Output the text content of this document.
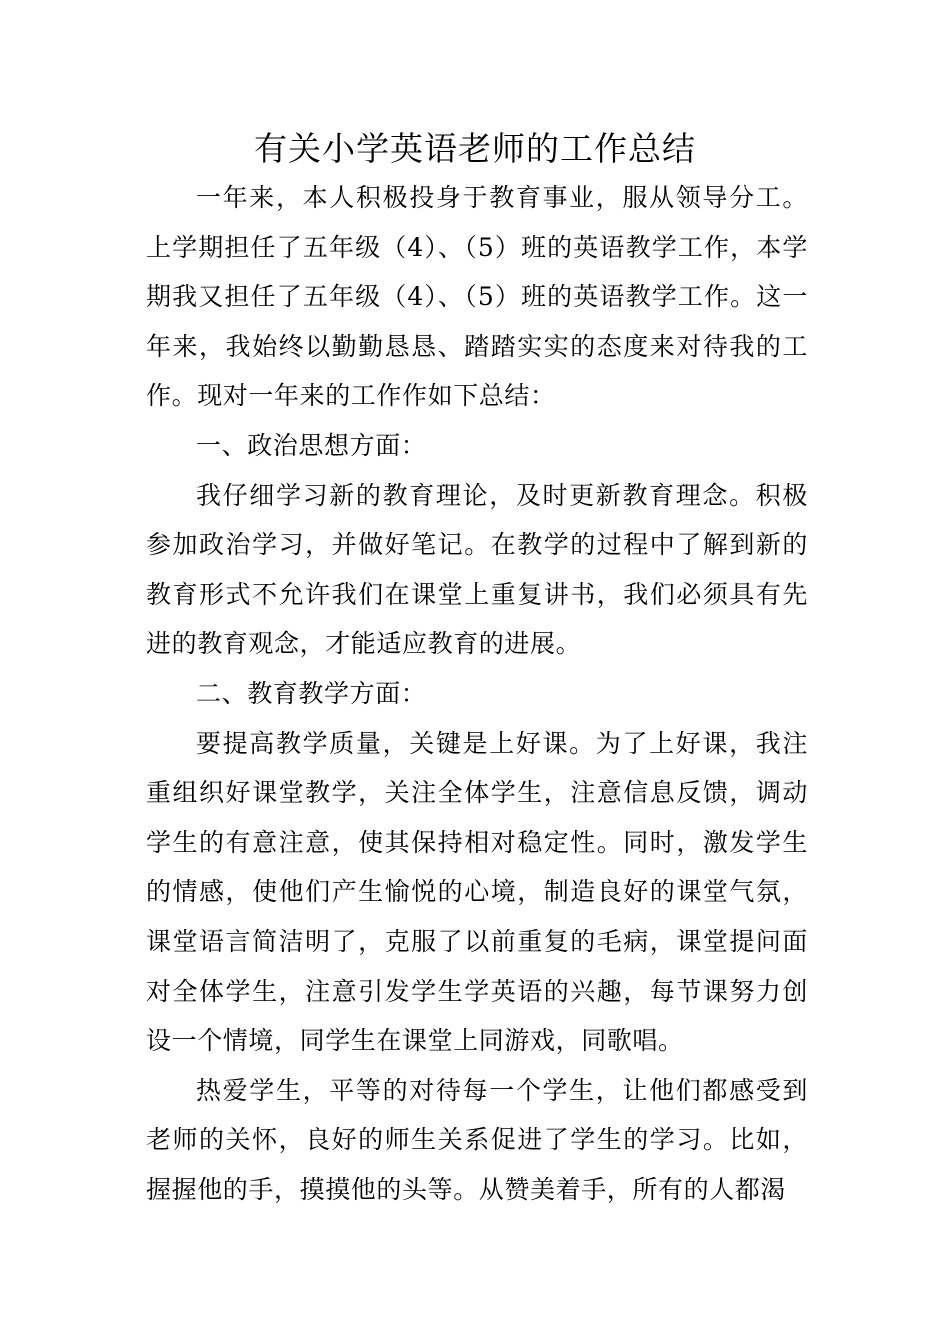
有关小学英语老师的工作总结

一年来，本人积极投身于教育事业，服从领导分工。上学期担任了五年级（4）、（5）班的英语教学工作，本学期我又担任了五年级（4）、（5）班的英语教学工作。这一年来，我始终以勤勤恳恳、踏踏实实的态度来对待我的工作。现对一年来的工作作如下总结：

一、政治思想方面：

我仔细学习新的教育理论，及时更新教育理念。积极参加政治学习，并做好笔记。在教学的过程中了解到新的教育形式不允许我们在课堂上重复讲书，我们必须具有先进的教育观念，才能适应教育的进展。

二、教育教学方面：

要提高教学质量，关键是上好课。为了上好课，我注重组织好课堂教学，关注全体学生，注意信息反馈，调动学生的有意注意，使其保持相对稳定性。同时，激发学生的情感，使他们产生愉悦的心境，制造良好的课堂气氛，课堂语言简洁明了，克服了以前重复的毛病，课堂提问面对全体学生，注意引发学生学英语的兴趣，每节课努力创设一个情境，同学生在课堂上同游戏，同歌唱。

热爱学生，平等的对待每一个学生，让他们都感受到老师的关怀，良好的师生关系促进了学生的学习。比如，握握他的手，摸摸他的头等。从赞美着手，所有的人都渴
